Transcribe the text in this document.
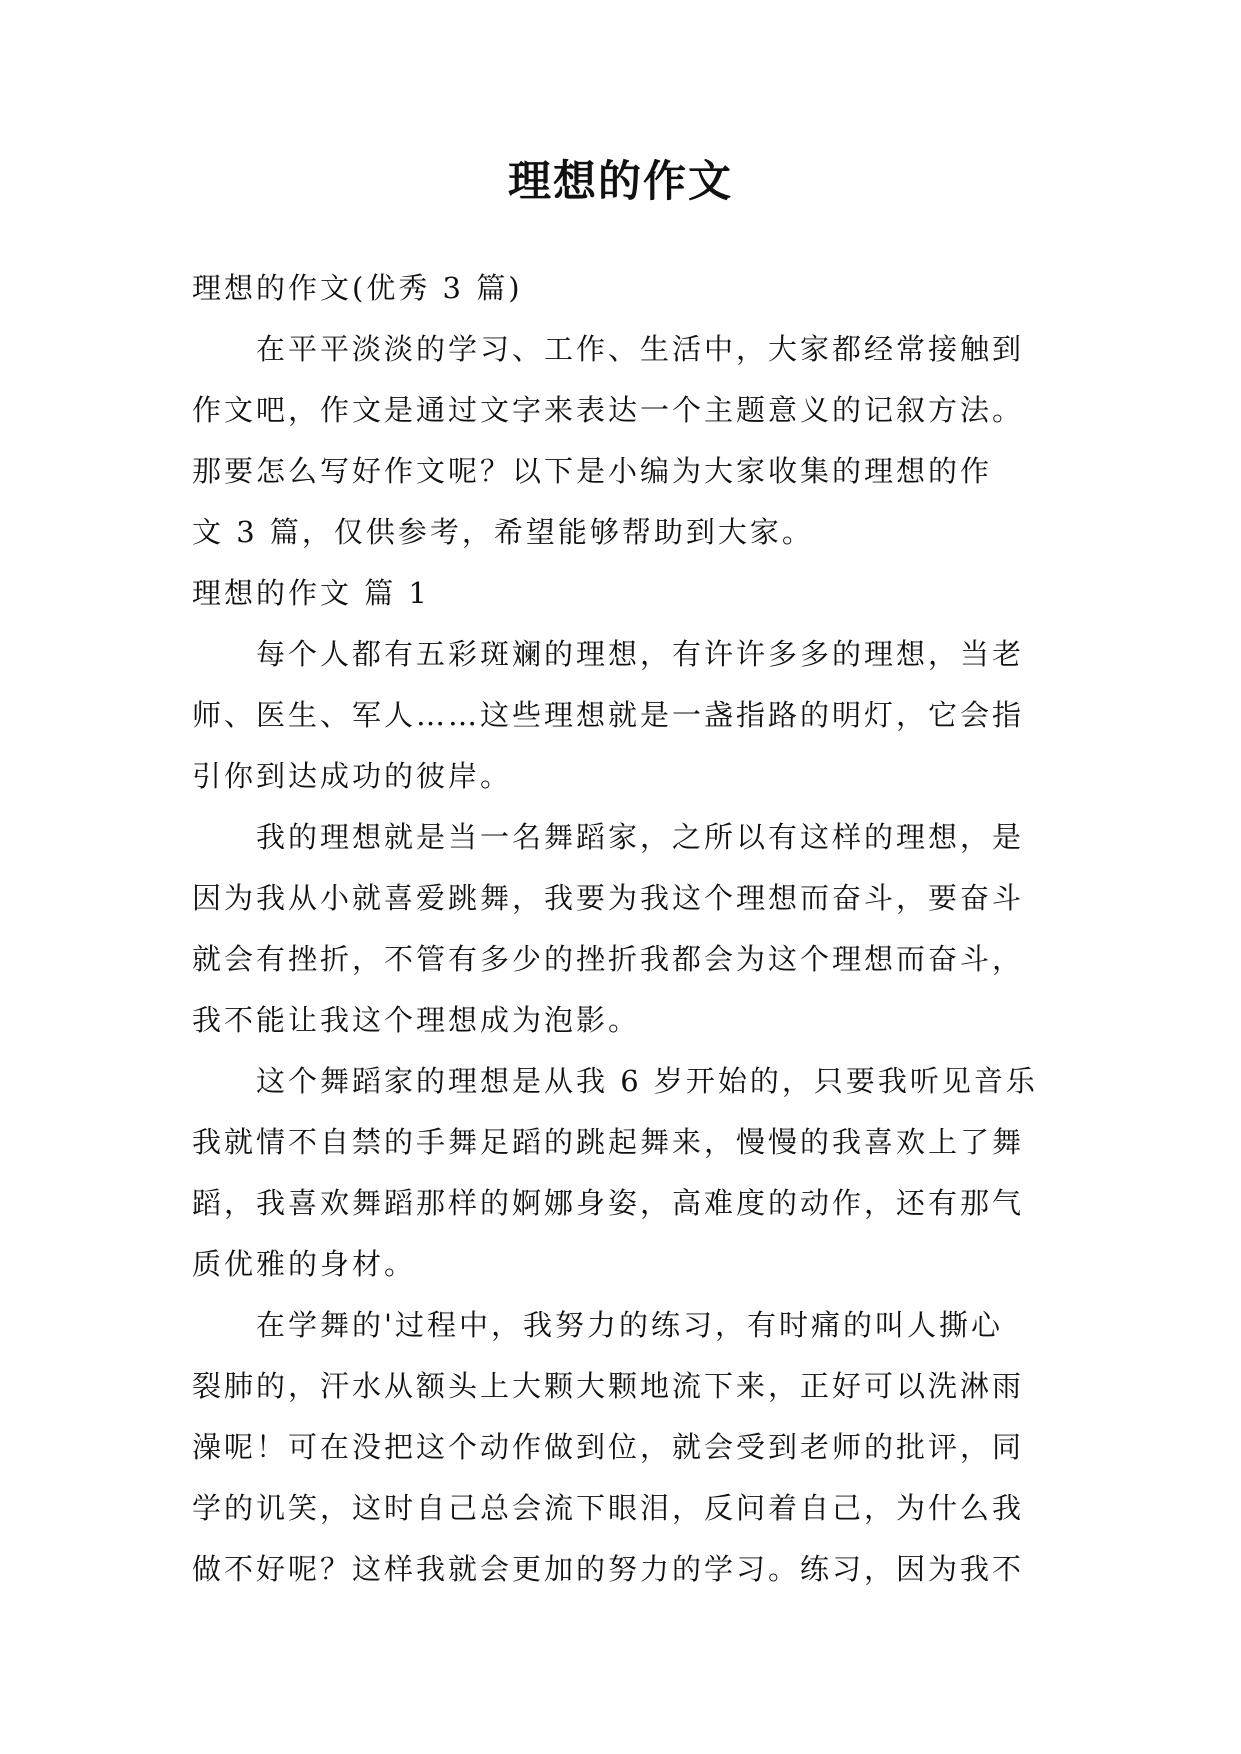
理想的作文
理想的作文(优秀 3 篇)
在平平淡淡的学习、工作、生活中，大家都经常接触到
作文吧，作文是通过文字来表达一个主题意义的记叙方法。
那要怎么写好作文呢？以下是小编为大家收集的理想的作
文 3 篇，仅供参考，希望能够帮助到大家。
理想的作文 篇 1
每个人都有五彩斑斓的理想，有许许多多的理想，当老
师、医生、军人……这些理想就是一盏指路的明灯，它会指
引你到达成功的彼岸。
我的理想就是当一名舞蹈家，之所以有这样的理想，是
因为我从小就喜爱跳舞，我要为我这个理想而奋斗，要奋斗
就会有挫折，不管有多少的挫折我都会为这个理想而奋斗，
我不能让我这个理想成为泡影。
这个舞蹈家的理想是从我 6 岁开始的，只要我听见音乐
我就情不自禁的手舞足蹈的跳起舞来，慢慢的我喜欢上了舞
蹈，我喜欢舞蹈那样的婀娜身姿，高难度的动作，还有那气
质优雅的身材。
在学舞的'过程中，我努力的练习，有时痛的叫人撕心
裂肺的，汗水从额头上大颗大颗地流下来，正好可以洗淋雨
澡呢！可在没把这个动作做到位，就会受到老师的批评，同
学的讥笑，这时自己总会流下眼泪，反问着自己，为什么我
做不好呢？这样我就会更加的努力的学习。练习，因为我不
